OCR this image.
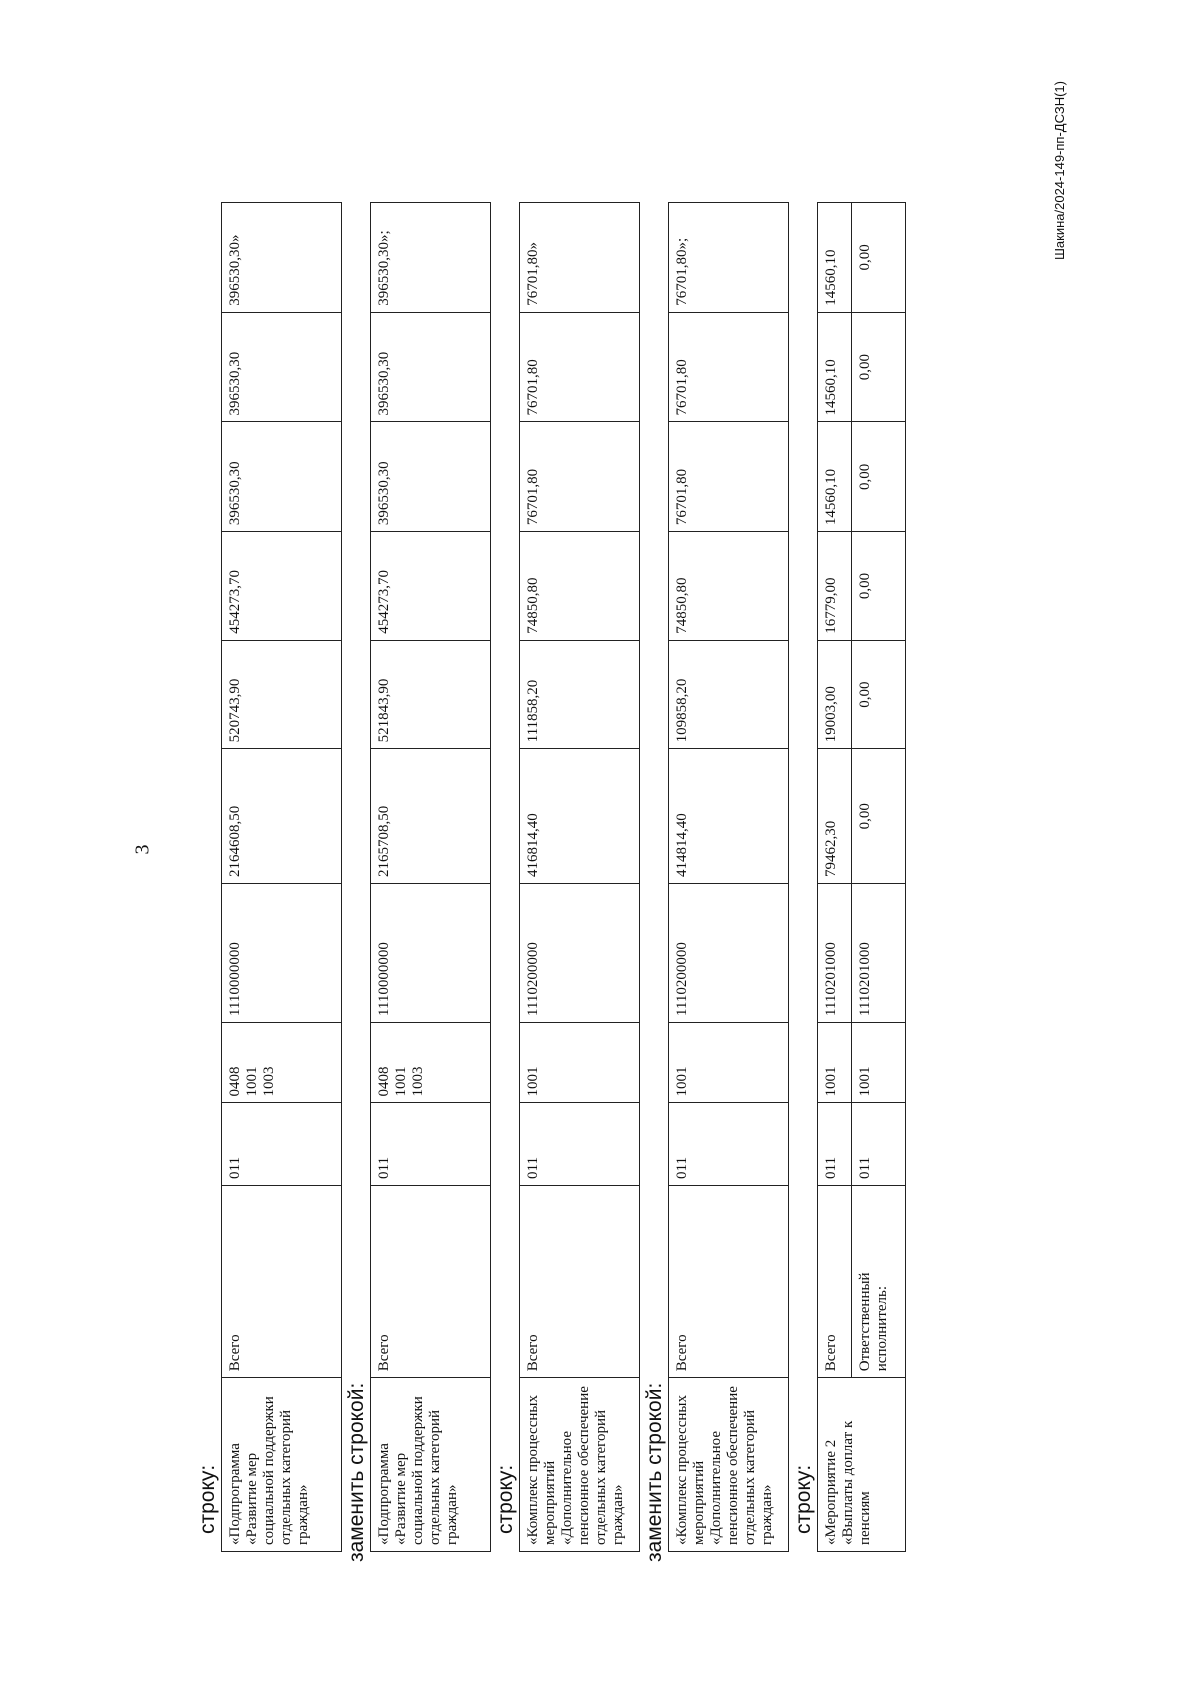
3
Шакина/2024-149-пп-ДСЗН(1)
строку: «Подпрограмма «Развитие мер социальной поддержки отдельных категорий граждан»	Всего	011	0408
1001
1003	1110000000	2164608,50	520743,90	454273,70	396530,30	396530,30	396530,30»
заменить строкой: «Подпрограмма «Развитие мер социальной поддержки отдельных категорий граждан»	Всего	011	0408
1001
1003	1110000000	2165708,50	521843,90	454273,70	396530,30	396530,30	396530,30»;
строку: «Комплекс процессных мероприятий «Дополнительное пенсионное обеспечение отдельных категорий граждан»	Всего	011	1001	1110200000	416814,40	111858,20	74850,80	76701,80	76701,80	76701,80»
заменить строкой: «Комплекс процессных мероприятий «Дополнительное пенсионное обеспечение отдельных категорий граждан»	Всего	011	1001	1110200000	414814,40	109858,20	74850,80	76701,80	76701,80	76701,80»;
строку: «Мероприятие 2 «Выплаты доплат к пенсиям	Всего	011	1001	1110201000	79462,30	19003,00	16779,00	14560,10	14560,10	14560,10
	Ответственный исполнитель:	011	1001	1110201000	0,00	0,00	0,00	0,00	0,00	0,00
